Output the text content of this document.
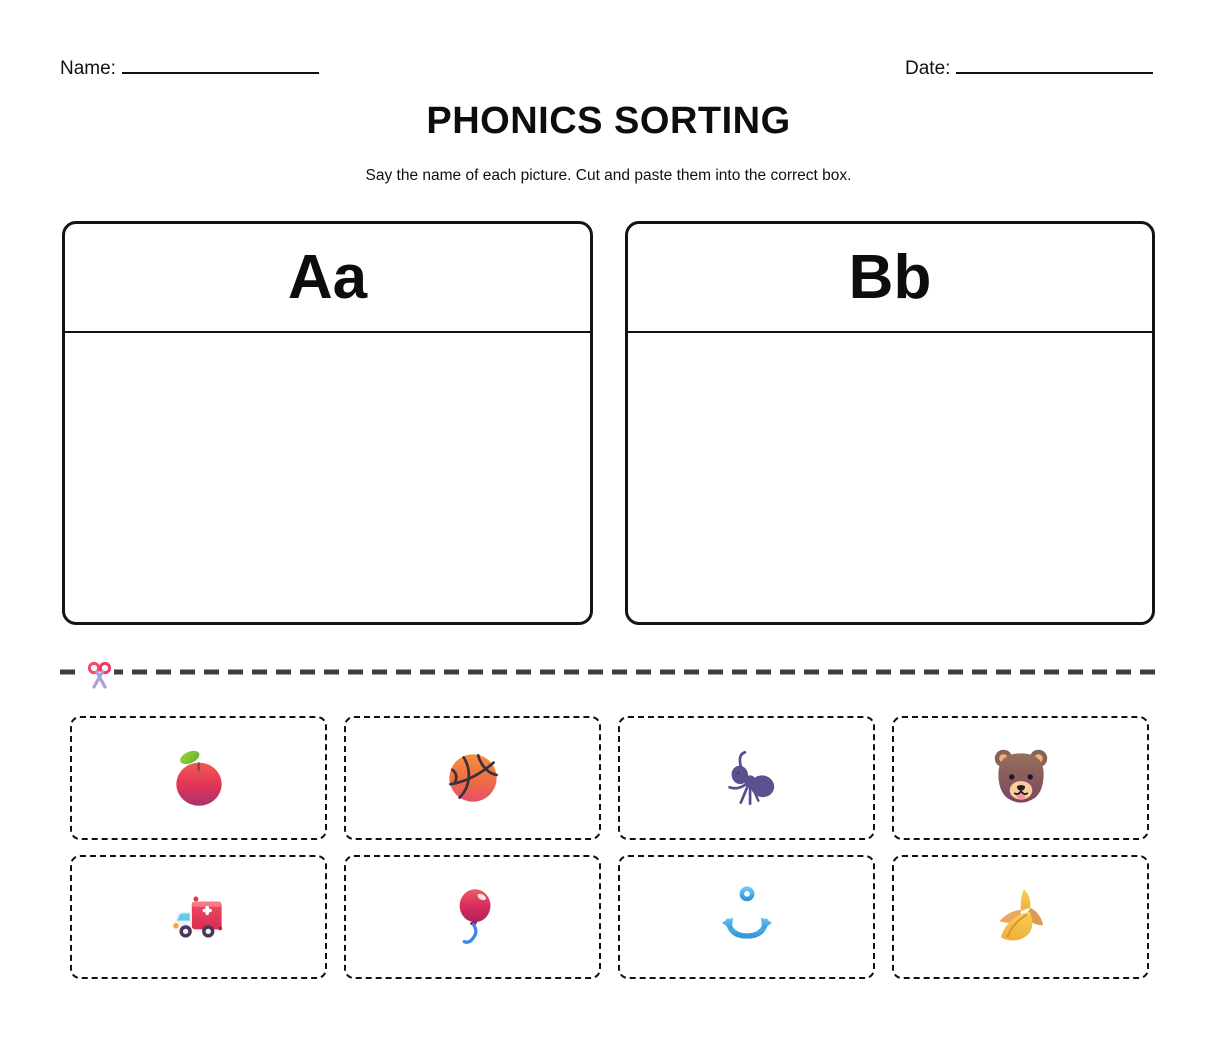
Name:	Date:
PHONICS SORTING
Say the name of each picture. Cut and paste them into the correct box.
Aa	Bb
